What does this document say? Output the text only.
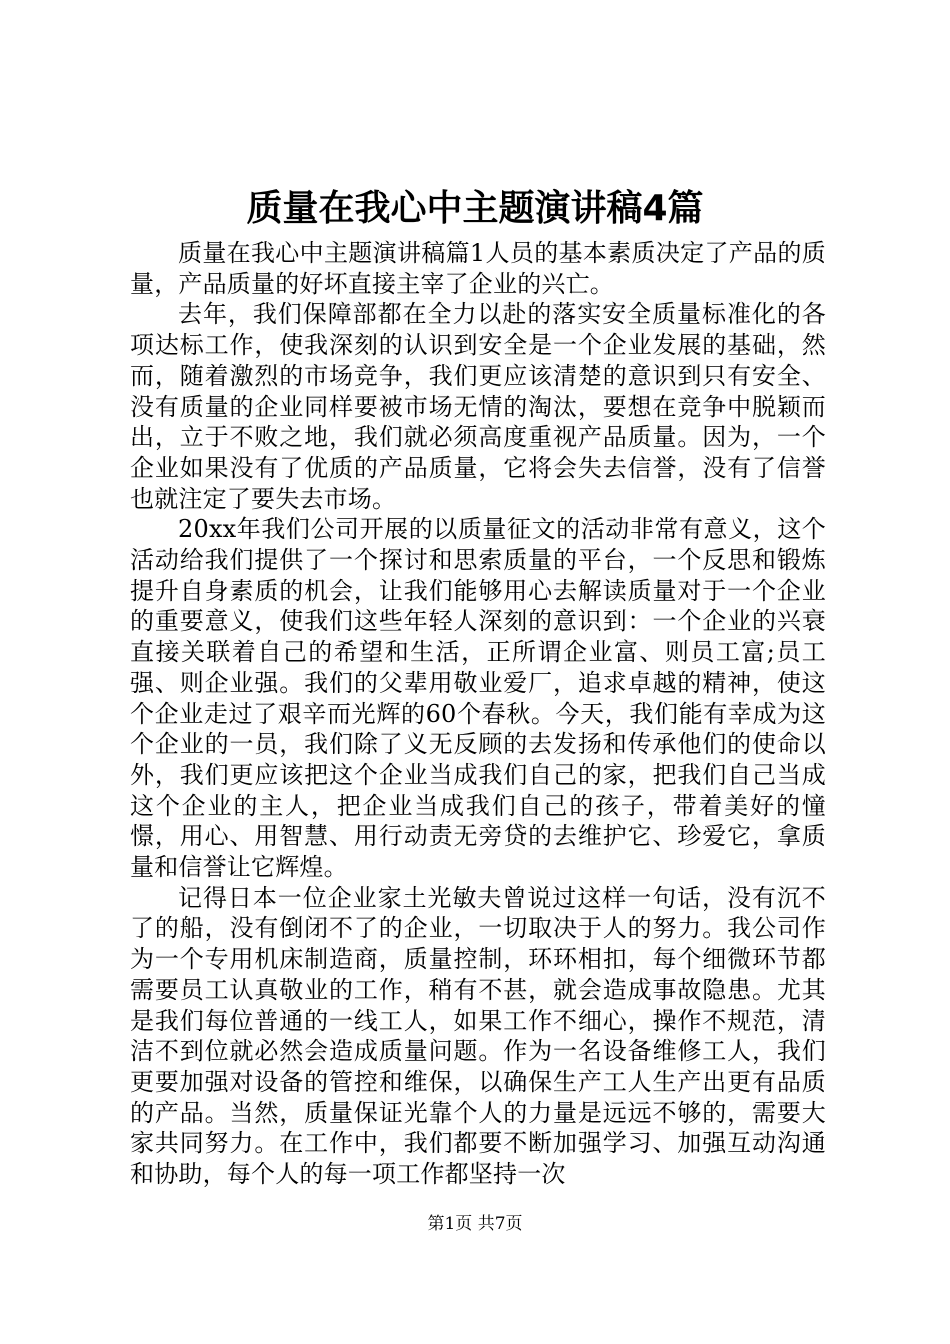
质量在我心中主题演讲稿4篇

质量在我心中主题演讲稿篇1人员的基本素质决定了产品的质量，产品质量的好坏直接主宰了企业的兴亡。

去年，我们保障部都在全力以赴的落实安全质量标准化的各项达标工作，使我深刻的认识到安全是一个企业发展的基础，然而，随着激烈的市场竞争，我们更应该清楚的意识到只有安全、没有质量的企业同样要被市场无情的淘汰，要想在竞争中脱颖而出，立于不败之地，我们就必须高度重视产品质量。因为，一个企业如果没有了优质的产品质量，它将会失去信誉，没有了信誉也就注定了要失去市场。

20xx年我们公司开展的以质量征文的活动非常有意义，这个活动给我们提供了一个探讨和思索质量的平台，一个反思和锻炼提升自身素质的机会，让我们能够用心去解读质量对于一个企业的重要意义，使我们这些年轻人深刻的意识到：一个企业的兴衰直接关联着自己的希望和生活，正所谓企业富、则员工富;员工强、则企业强。我们的父辈用敬业爱厂，追求卓越的精神，使这个企业走过了艰辛而光辉的60个春秋。今天，我们能有幸成为这个企业的一员，我们除了义无反顾的去发扬和传承他们的使命以外，我们更应该把这个企业当成我们自己的家，把我们自己当成这个企业的主人，把企业当成我们自己的孩子，带着美好的憧憬，用心、用智慧、用行动责无旁贷的去维护它、珍爱它，拿质量和信誉让它辉煌。

记得日本一位企业家土光敏夫曾说过这样一句话，没有沉不了的船，没有倒闭不了的企业，一切取决于人的努力。我公司作为一个专用机床制造商，质量控制，环环相扣，每个细微环节都需要员工认真敬业的工作，稍有不甚，就会造成事故隐患。尤其是我们每位普通的一线工人，如果工作不细心，操作不规范，清洁不到位就必然会造成质量问题。作为一名设备维修工人，我们更要加强对设备的管控和维保，以确保生产工人生产出更有品质的产品。当然，质量保证光靠个人的力量是远远不够的，需要大家共同努力。在工作中，我们都要不断加强学习、加强互动沟通和协助，每个人的每一项工作都坚持一次

第1页 共7页
